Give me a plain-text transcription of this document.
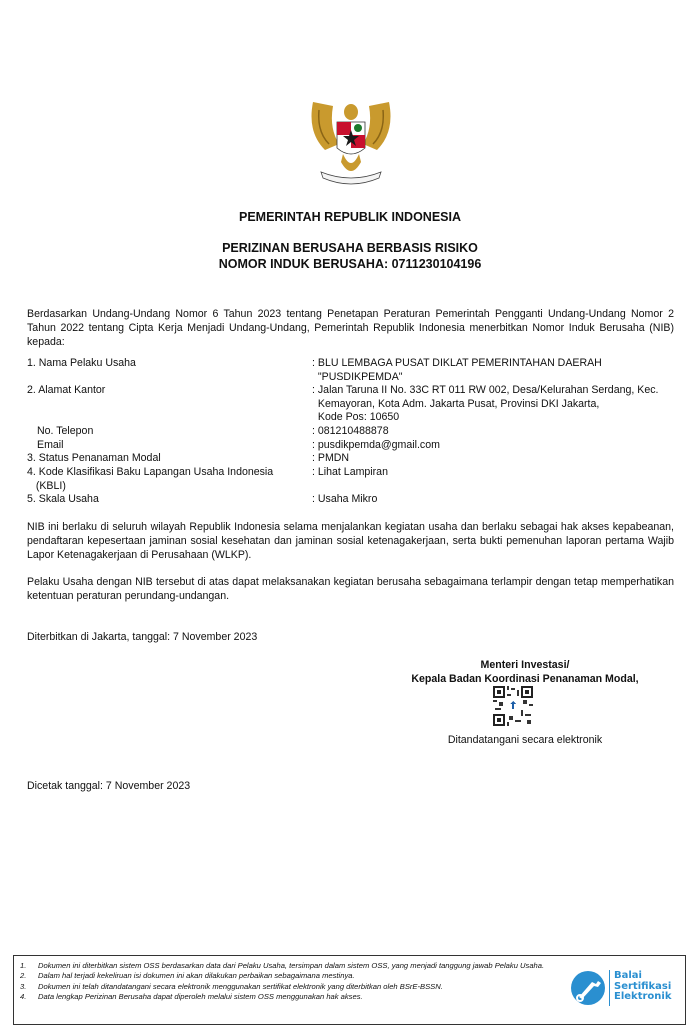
PEMERINTAH REPUBLIK INDONESIA
PERIZINAN BERUSAHA BERBASIS RISIKO
NOMOR INDUK BERUSAHA: 0711230104196
Berdasarkan Undang-Undang Nomor 6 Tahun 2023 tentang Penetapan Peraturan Pemerintah Pengganti Undang-Undang Nomor 2 Tahun 2022 tentang Cipta Kerja Menjadi Undang-Undang, Pemerintah Republik Indonesia menerbitkan Nomor Induk Berusaha (NIB) kepada:
1. Nama Pelaku Usaha	: BLU LEMBAGA PUSAT DIKLAT PEMERINTAHAN DAERAH
"PUSDIKPEMDA"
2. Alamat Kantor	: Jalan Taruna II No. 33C RT 011 RW 002, Desa/Kelurahan Serdang, Kec.
Kemayoran, Kota Adm. Jakarta Pusat, Provinsi DKI Jakarta,
Kode Pos: 10650
No. Telepon	: 081210488878
Email	: pusdikpemda@gmail.com
3. Status Penanaman Modal	: PMDN
4. Kode Klasifikasi Baku Lapangan Usaha Indonesia
(KBLI)
: Lihat Lampiran
5. Skala Usaha	: Usaha Mikro
NIB ini berlaku di seluruh wilayah Republik Indonesia selama menjalankan kegiatan usaha dan berlaku sebagai hak akses kepabeanan, pendaftaran kepesertaan jaminan sosial kesehatan dan jaminan sosial ketenagakerjaan, serta bukti pemenuhan laporan pertama Wajib Lapor Ketenagakerjaan di Perusahaan (WLKP).
Pelaku Usaha dengan NIB tersebut di atas dapat melaksanakan kegiatan berusaha sebagaimana terlampir dengan tetap memperhatikan ketentuan peraturan perundang-undangan.
Diterbitkan di Jakarta, tanggal: 7 November 2023
Menteri Investasi/
Kepala Badan Koordinasi Penanaman Modal,
Ditandatangani secara elektronik
Dicetak tanggal: 7 November 2023
1. Dokumen ini diterbitkan sistem OSS berdasarkan data dari Pelaku Usaha, tersimpan dalam sistem OSS, yang menjadi tanggung jawab Pelaku Usaha.
2. Dalam hal terjadi kekeliruan isi dokumen ini akan dilakukan perbaikan sebagaimana mestinya.
3. Dokumen ini telah ditandatangani secara elektronik menggunakan sertifikat elektronik yang diterbitkan oleh BSrE-BSSN.
4. Data lengkap Perizinan Berusaha dapat diperoleh melalui sistem OSS menggunakan hak akses.
Balai
Sertifikasi
Elektronik
